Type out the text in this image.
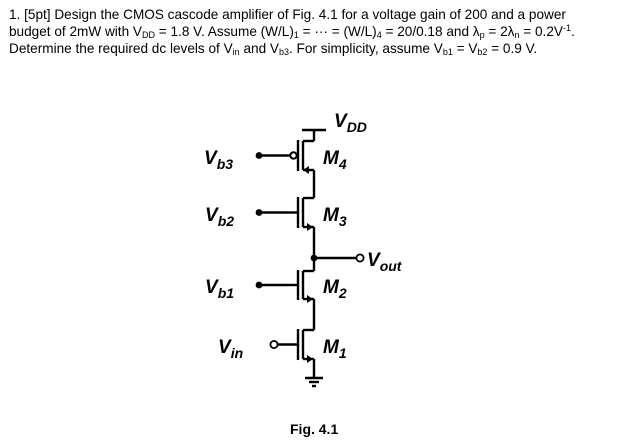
1. [5pt] Design the CMOS cascode amplifier of Fig. 4.1 for a voltage gain of 200 and a power

budget of 2mW with $V_{DD} = 1.8$ V. Assume $(W/L)_1$ = ··· = $(W/L)_4 = 20/0.18$ and $\lambda_p = 2\lambda_n = 0.2V^{-1}$.

Determine the required dc levels of $V_{in}$ and $V_{b3}$. For simplicity, assume $V_{b1} = V_{b2} = 0.9$ V.

$V_{DD}$
$V_{b3}$
$V_{b2}$
$V_{b1}$
$V_{in}$
$V_{out}$
$M_4$
$M_3$
$M_2$
$M_1$
Fig. 4.1
